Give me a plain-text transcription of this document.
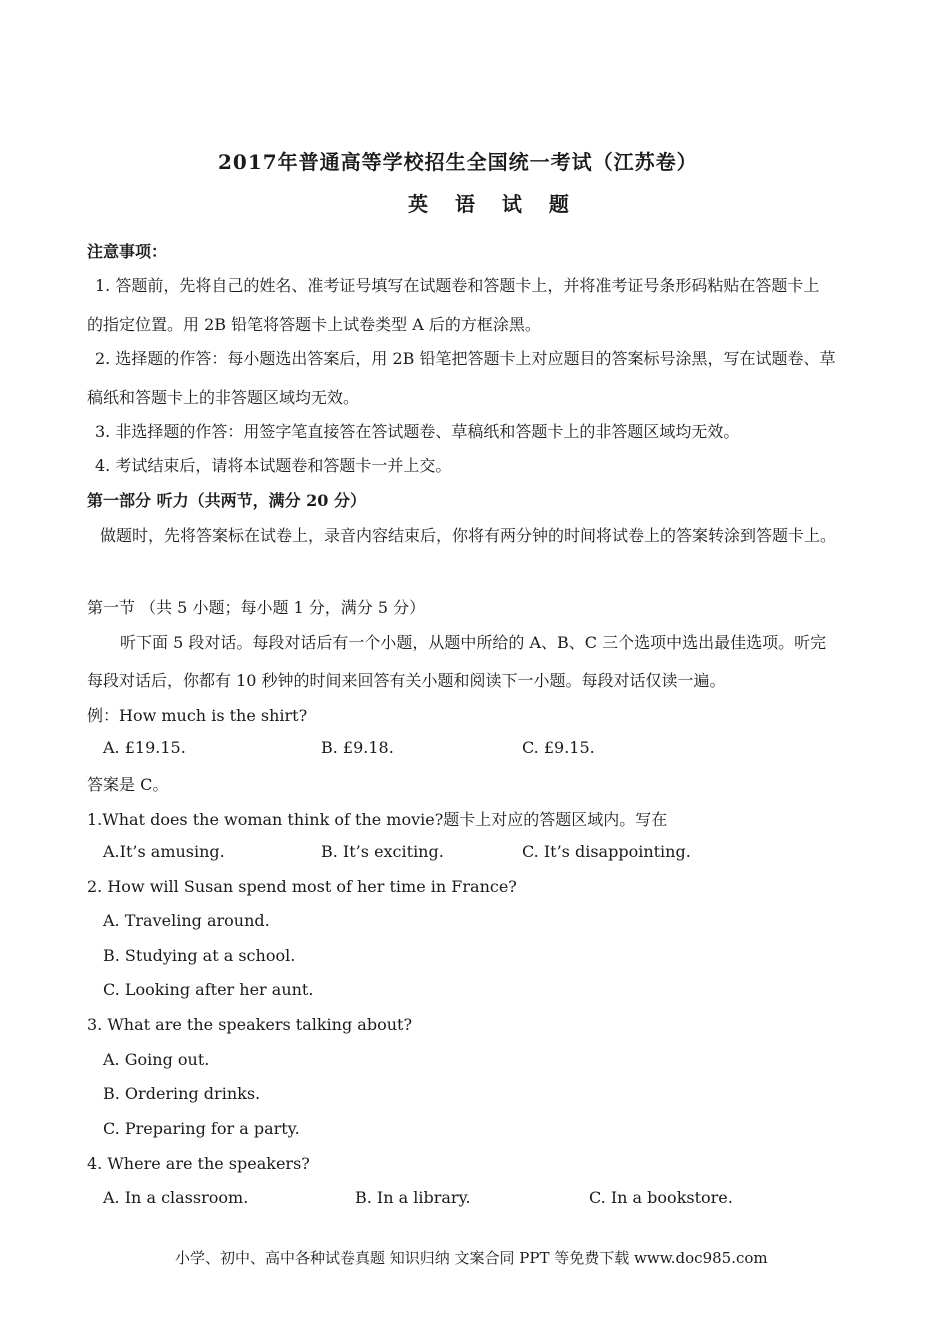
2017年普通高等学校招生全国统一考试（江苏卷）
英 语 试 题
注意事项：
1. 答题前，先将自己的姓名、准考证号填写在试题卷和答题卡上，并将准考证号条形码粘贴在答题卡上
的指定位置。用 2B 铅笔将答题卡上试卷类型 A 后的方框涂黑。
2. 选择题的作答：每小题选出答案后，用 2B 铅笔把答题卡上对应题目的答案标号涂黑，写在试题卷、草
稿纸和答题卡上的非答题区域均无效。
3. 非选择题的作答：用签字笔直接答在答试题卷、草稿纸和答题卡上的非答题区域均无效。
4. 考试结束后，请将本试题卷和答题卡一并上交。
第一部分 听力（共两节，满分 20 分）
做题时，先将答案标在试卷上，录音内容结束后，你将有两分钟的时间将试卷上的答案转涂到答题卡上。
第一节 （共 5 小题；每小题 1 分，满分 5 分）
听下面 5 段对话。每段对话后有一个小题，从题中所给的 A、B、C 三个选项中选出最佳选项。听完
每段对话后，你都有 10 秒钟的时间来回答有关小题和阅读下一小题。每段对话仅读一遍。
例：How much is the shirt?
A. £19.15.	B. £9.18.	C. £9.15.
答案是 C。
1.What does the woman think of the movie?题卡上对应的答题区域内。写在
A.It’s amusing.	B. It’s exciting.	C. It’s disappointing.
2. How will Susan spend most of her time in France?
A. Traveling around.
B. Studying at a school.
C. Looking after her aunt.
3. What are the speakers talking about?
A. Going out.
B. Ordering drinks.
C. Preparing for a party.
4. Where are the speakers?
A. In a classroom.	B. In a library.	C. In a bookstore.
小学、初中、高中各种试卷真题 知识归纳 文案合同 PPT 等免费下载 www.doc985.com
